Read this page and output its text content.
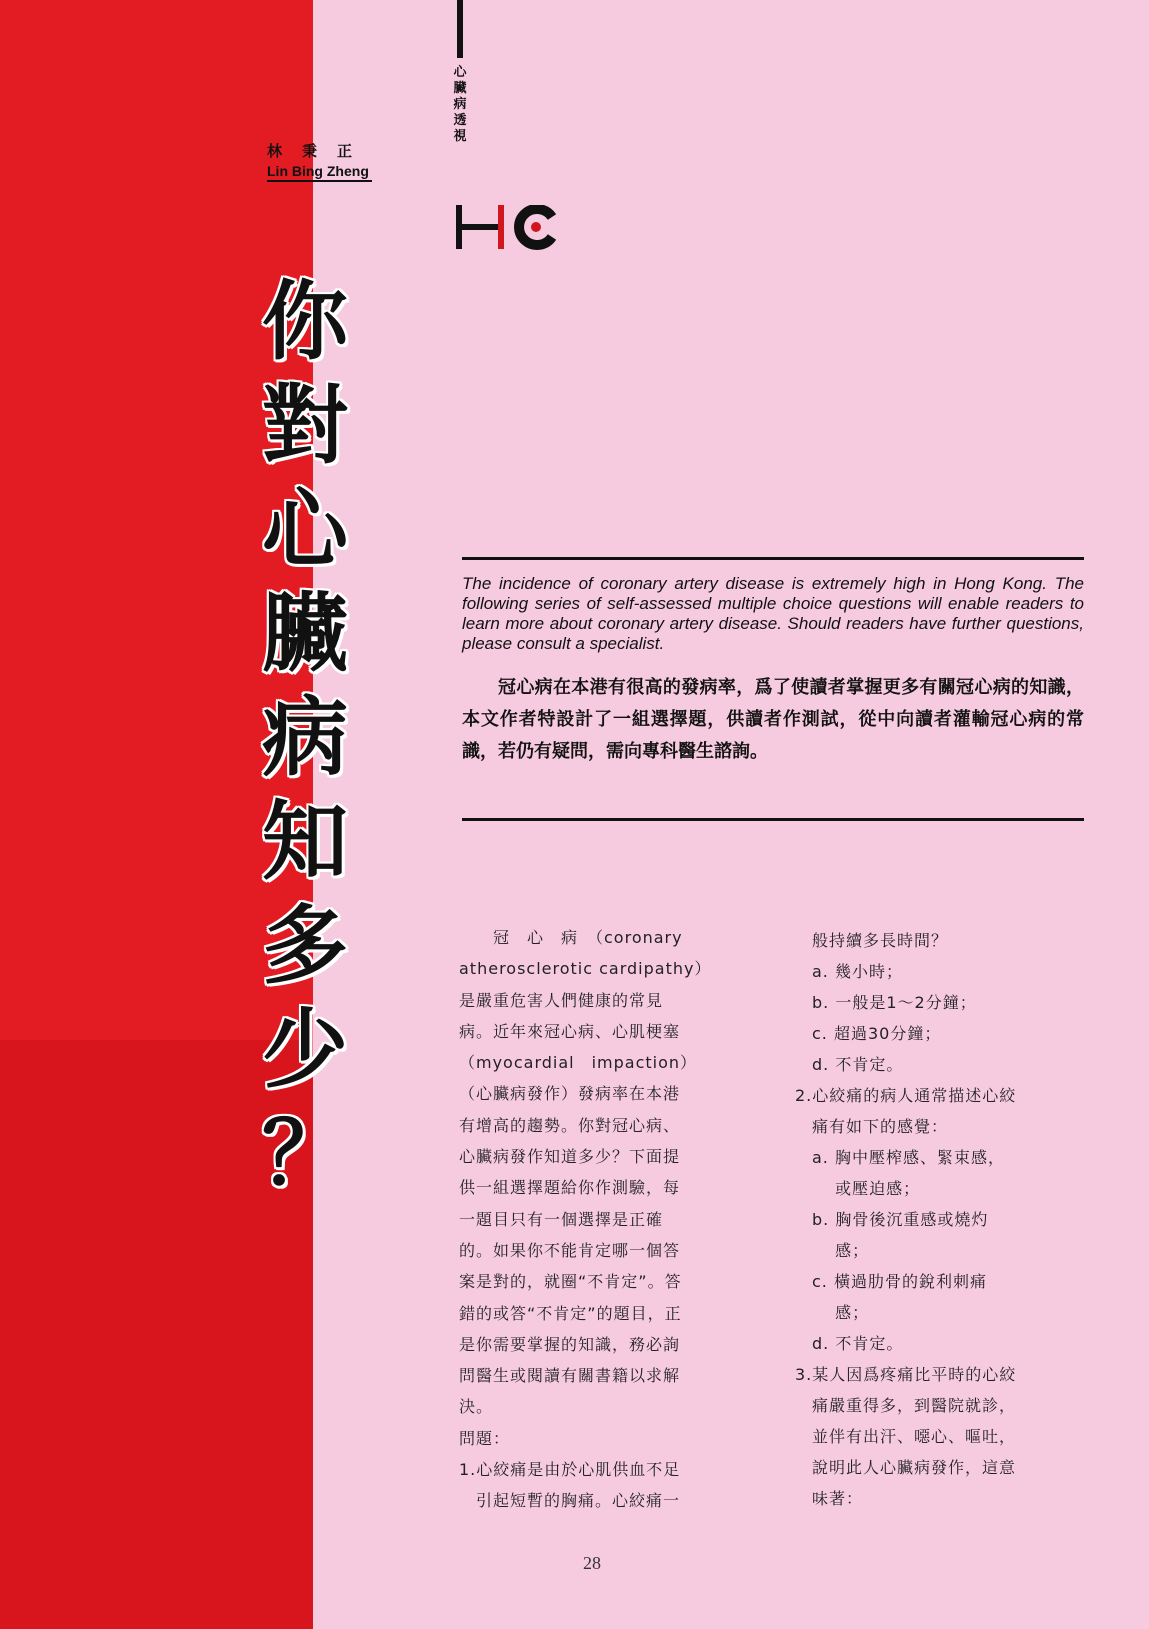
林秉正
Lin Bing Zheng
心臟病透視
你
對
心
臟
病
知
多
少
？
The incidence of coronary artery disease is extremely high in Hong Kong. The following series of self-assessed multiple choice questions will enable readers to learn more about coronary artery disease. Should readers have further questions, please consult a specialist.
冠心病在本港有很高的發病率，爲了使讀者掌握更多有關冠心病的知識，本文作者特設計了一組選擇題，供讀者作測試，從中向讀者灌輸冠心病的常識，若仍有疑問，需向專科醫生諮詢。
　　冠　心　病　（coronary
atherosclerotic cardipathy）
是嚴重危害人們健康的常見
病。近年來冠心病、心肌梗塞
（myocardial　impaction）
（心臟病發作）發病率在本港
有增高的趨勢。你對冠心病、
心臟病發作知道多少？下面提
供一組選擇題給你作測驗，每
一題目只有一個選擇是正確
的。如果你不能肯定哪一個答
案是對的，就圈“不肯定”。答
錯的或答“不肯定”的題目，正
是你需要掌握的知識，務必詢
問醫生或閱讀有關書籍以求解
決。
問題：
1.心絞痛是由於心肌供血不足
　引起短暫的胸痛。心絞痛一
　般持續多長時間？
　a. 幾小時；
　b. 一般是1～2分鐘；
　c. 超過30分鐘；
　d. 不肯定。
2.心絞痛的病人通常描述心絞
　痛有如下的感覺：
　a. 胸中壓榨感、緊束感，
　　 或壓迫感；
　b. 胸骨後沉重感或燒灼
　　 感；
　c. 橫過肋骨的銳利刺痛
　　 感；
　d. 不肯定。
3.某人因爲疼痛比平時的心絞
　痛嚴重得多，到醫院就診，
　並伴有出汗、噁心、嘔吐，
　說明此人心臟病發作，這意
　味著：
28
